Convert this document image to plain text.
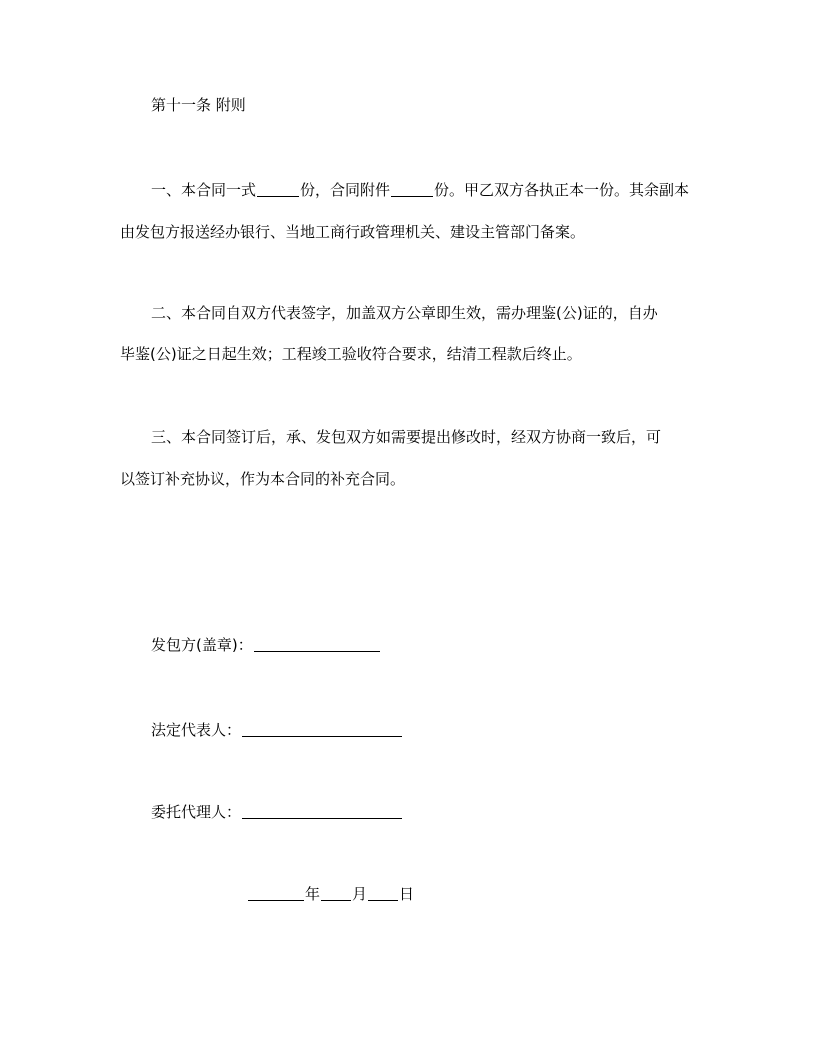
第十一条 附则
一、本合同一式	份，合同附件	份。甲乙双方各执正本一份。其余副本
由发包方报送经办银行、当地工商行政管理机关、建设主管部门备案。
二、本合同自双方代表签字，加盖双方公章即生效，需办理鉴(公)证的，自办
毕鉴(公)证之日起生效；工程竣工验收符合要求，结清工程款后终止。
三、本合同签订后，承、发包双方如需要提出修改时，经双方协商一致后，可
以签订补充协议，作为本合同的补充合同。
发包方(盖章)：
法定代表人：
委托代理人：
年 月 日
